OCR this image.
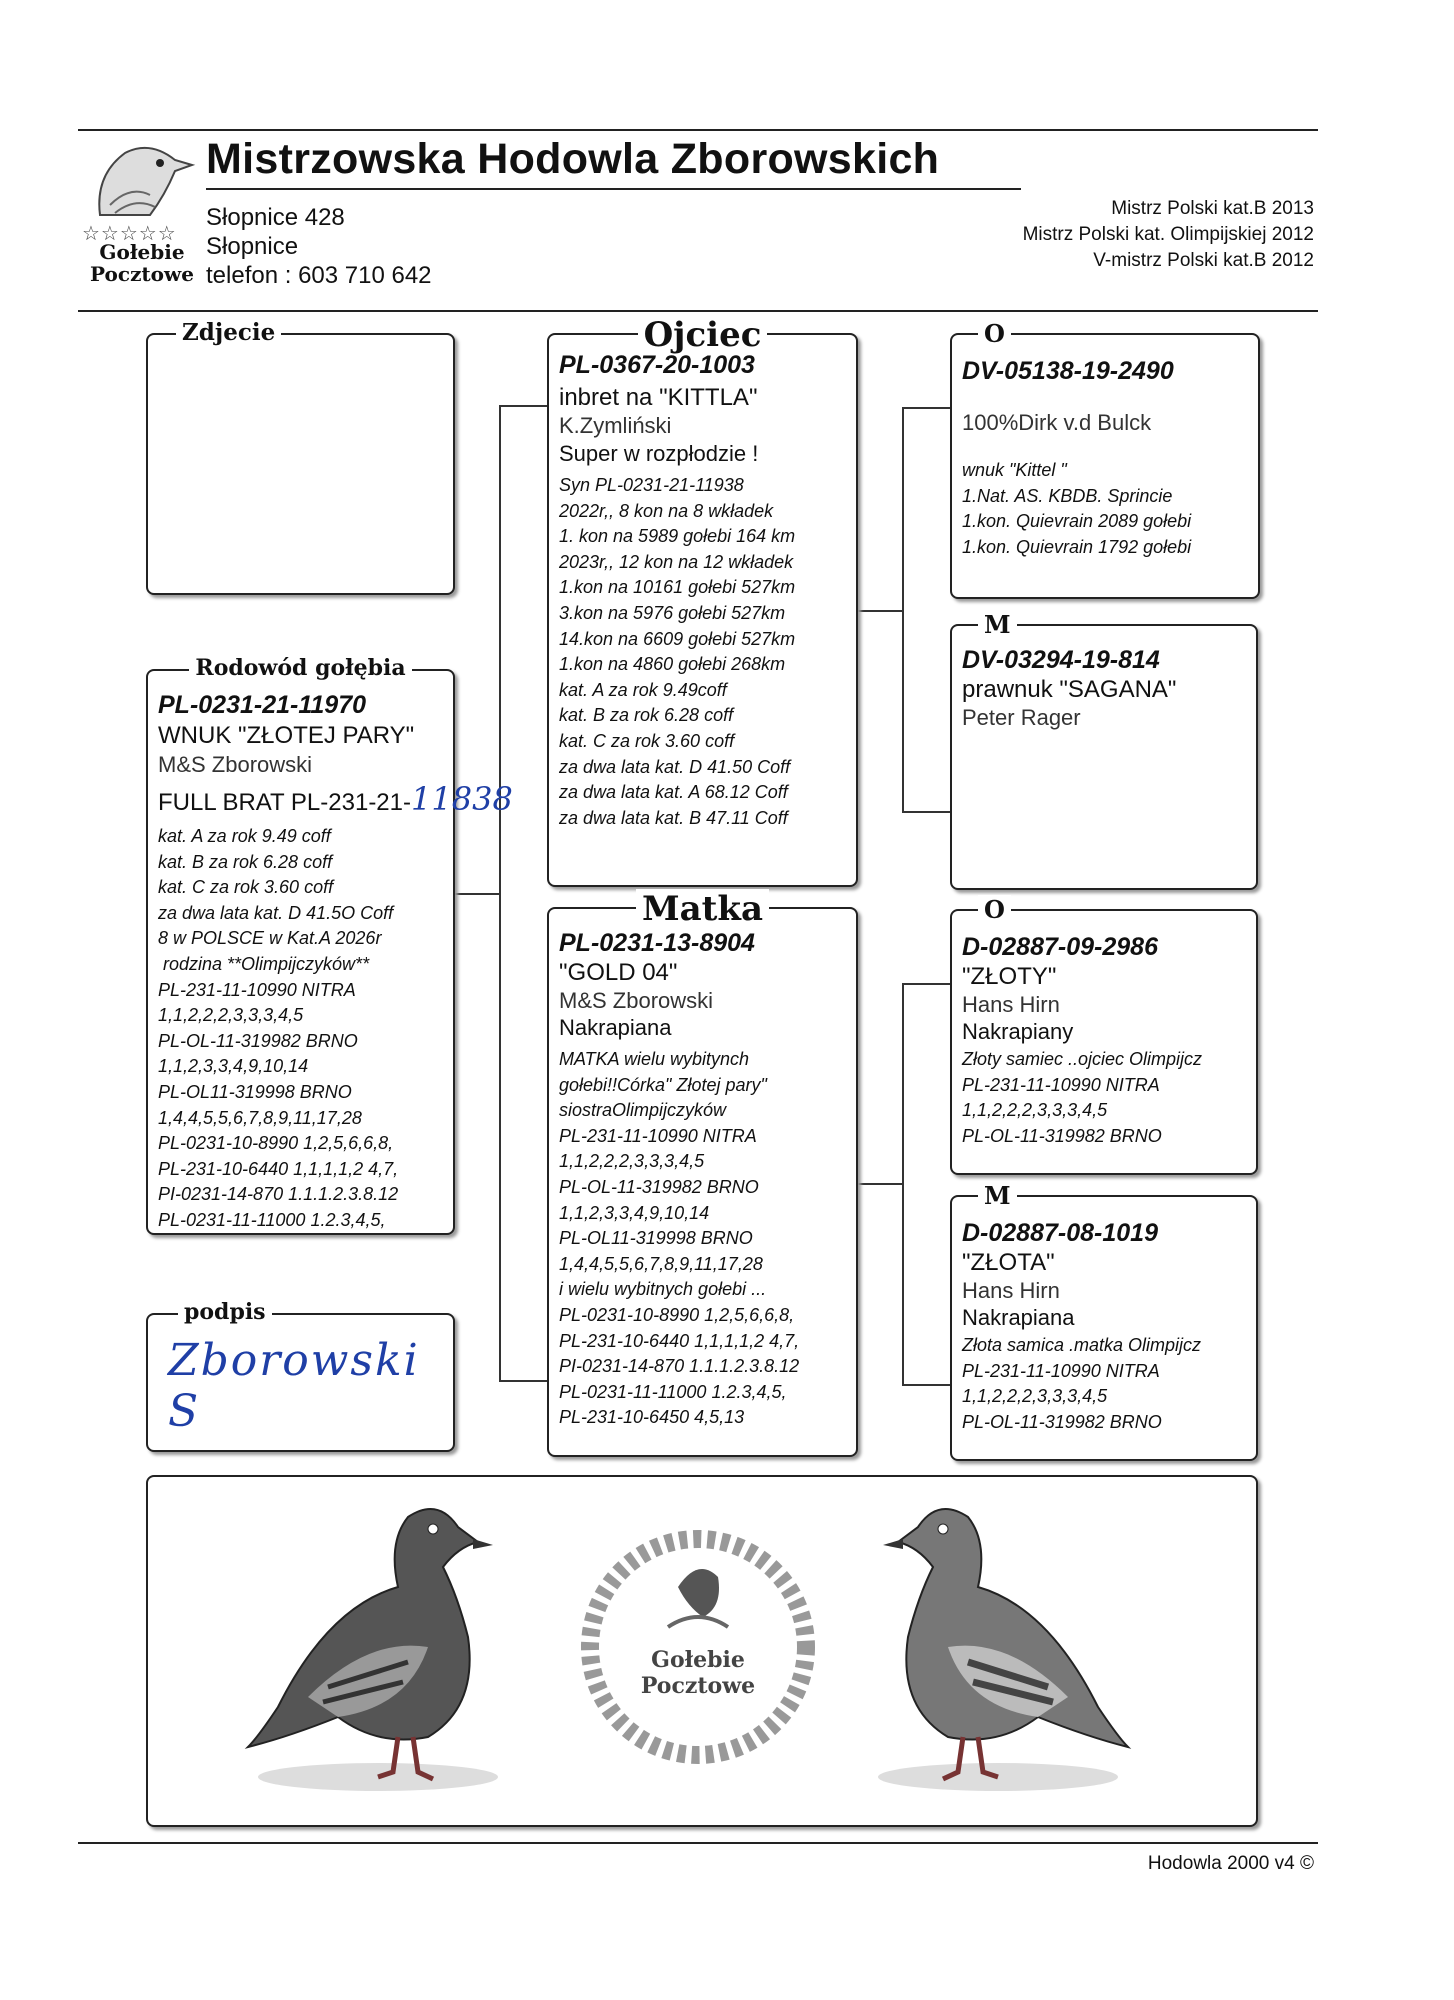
☆☆☆☆☆
Gołebie
Pocztowe
Mistrzowska Hodowla Zborowskich
Słopnice 428
Słopnice
telefon : 603 710 642
Mistrz Polski kat.B 2013
Mistrz Polski kat. Olimpijskiej 2012
V-mistrz Polski kat.B 2012
Zdjecie
Rodowód gołębia
PL-0231-21-11970
WNUK "ZŁOTEJ PARY"
M&S Zborowski
FULL BRAT PL-231-21-11838
kat. A za rok 9.49 coff
kat. B za rok 6.28 coff
kat. C za rok 3.60 coff
za dwa lata kat. D 41.5O Coff
8 w POLSCE w Kat.A 2026r
rodzina **Olimpijczyków**
PL-231-11-10990 NITRA
1,1,2,2,2,3,3,3,4,5
PL-OL-11-319982 BRNO
1,1,2,3,3,4,9,10,14
PL-OL11-319998 BRNO
1,4,4,5,5,6,7,8,9,11,17,28
PL-0231-10-8990 1,2,5,6,6,8,
PL-231-10-6440 1,1,1,1,2 4,7,
PI-0231-14-870 1.1.1.2.3.8.12
PL-0231-11-11000 1.2.3,4,5,
podpis
Zborowski S
Ojciec
PL-0367-20-1003
inbret na "KITTLA"
K.Zymliński
Super w rozpłodzie !
Syn PL-0231-21-11938
2022r,, 8 kon na 8 wkładek
1. kon na 5989 gołebi 164 km
2023r,, 12 kon na 12 wkładek
1.kon na 10161 gołebi 527km
3.kon na 5976 gołebi 527km
14.kon na 6609 gołebi 527km
1.kon na 4860 gołebi 268km
kat. A za rok 9.49coff
kat. B za rok 6.28 coff
kat. C za rok 3.60 coff
za dwa lata kat. D 41.50 Coff
za dwa lata kat. A 68.12 Coff
za dwa lata kat. B 47.11 Coff
Matka
PL-0231-13-8904
"GOLD 04"
M&S Zborowski
Nakrapiana
MATKA wielu wybitynch
gołebi!!Córka" Złotej pary"
siostraOlimpijczyków
PL-231-11-10990 NITRA
1,1,2,2,2,3,3,3,4,5
PL-OL-11-319982 BRNO
1,1,2,3,3,4,9,10,14
PL-OL11-319998 BRNO
1,4,4,5,5,6,7,8,9,11,17,28
i wielu wybitnych gołebi ...
PL-0231-10-8990 1,2,5,6,6,8,
PL-231-10-6440 1,1,1,1,2 4,7,
PI-0231-14-870 1.1.1.2.3.8.12
PL-0231-11-11000 1.2.3,4,5,
PL-231-10-6450 4,5,13
O
DV-05138-19-2490
100%Dirk v.d Bulck
wnuk "Kittel "
1.Nat. AS. KBDB. Sprincie
1.kon. Quievrain 2089 gołebi
1.kon. Quievrain 1792 gołebi
M
DV-03294-19-814
prawnuk "SAGANA"
Peter Rager
O
D-02887-09-2986
"ZŁOTY"
Hans Hirn
Nakrapiany
Złoty samiec ..ojciec Olimpijcz
PL-231-11-10990 NITRA
1,1,2,2,2,3,3,3,4,5
PL-OL-11-319982 BRNO
M
D-02887-08-1019
"ZŁOTA"
Hans Hirn
Nakrapiana
Złota samica .matka Olimpijcz
PL-231-11-10990 NITRA
1,1,2,2,2,3,3,3,4,5
PL-OL-11-319982 BRNO
Gołebie
Pocztowe
Hodowla 2000 v4 ©
